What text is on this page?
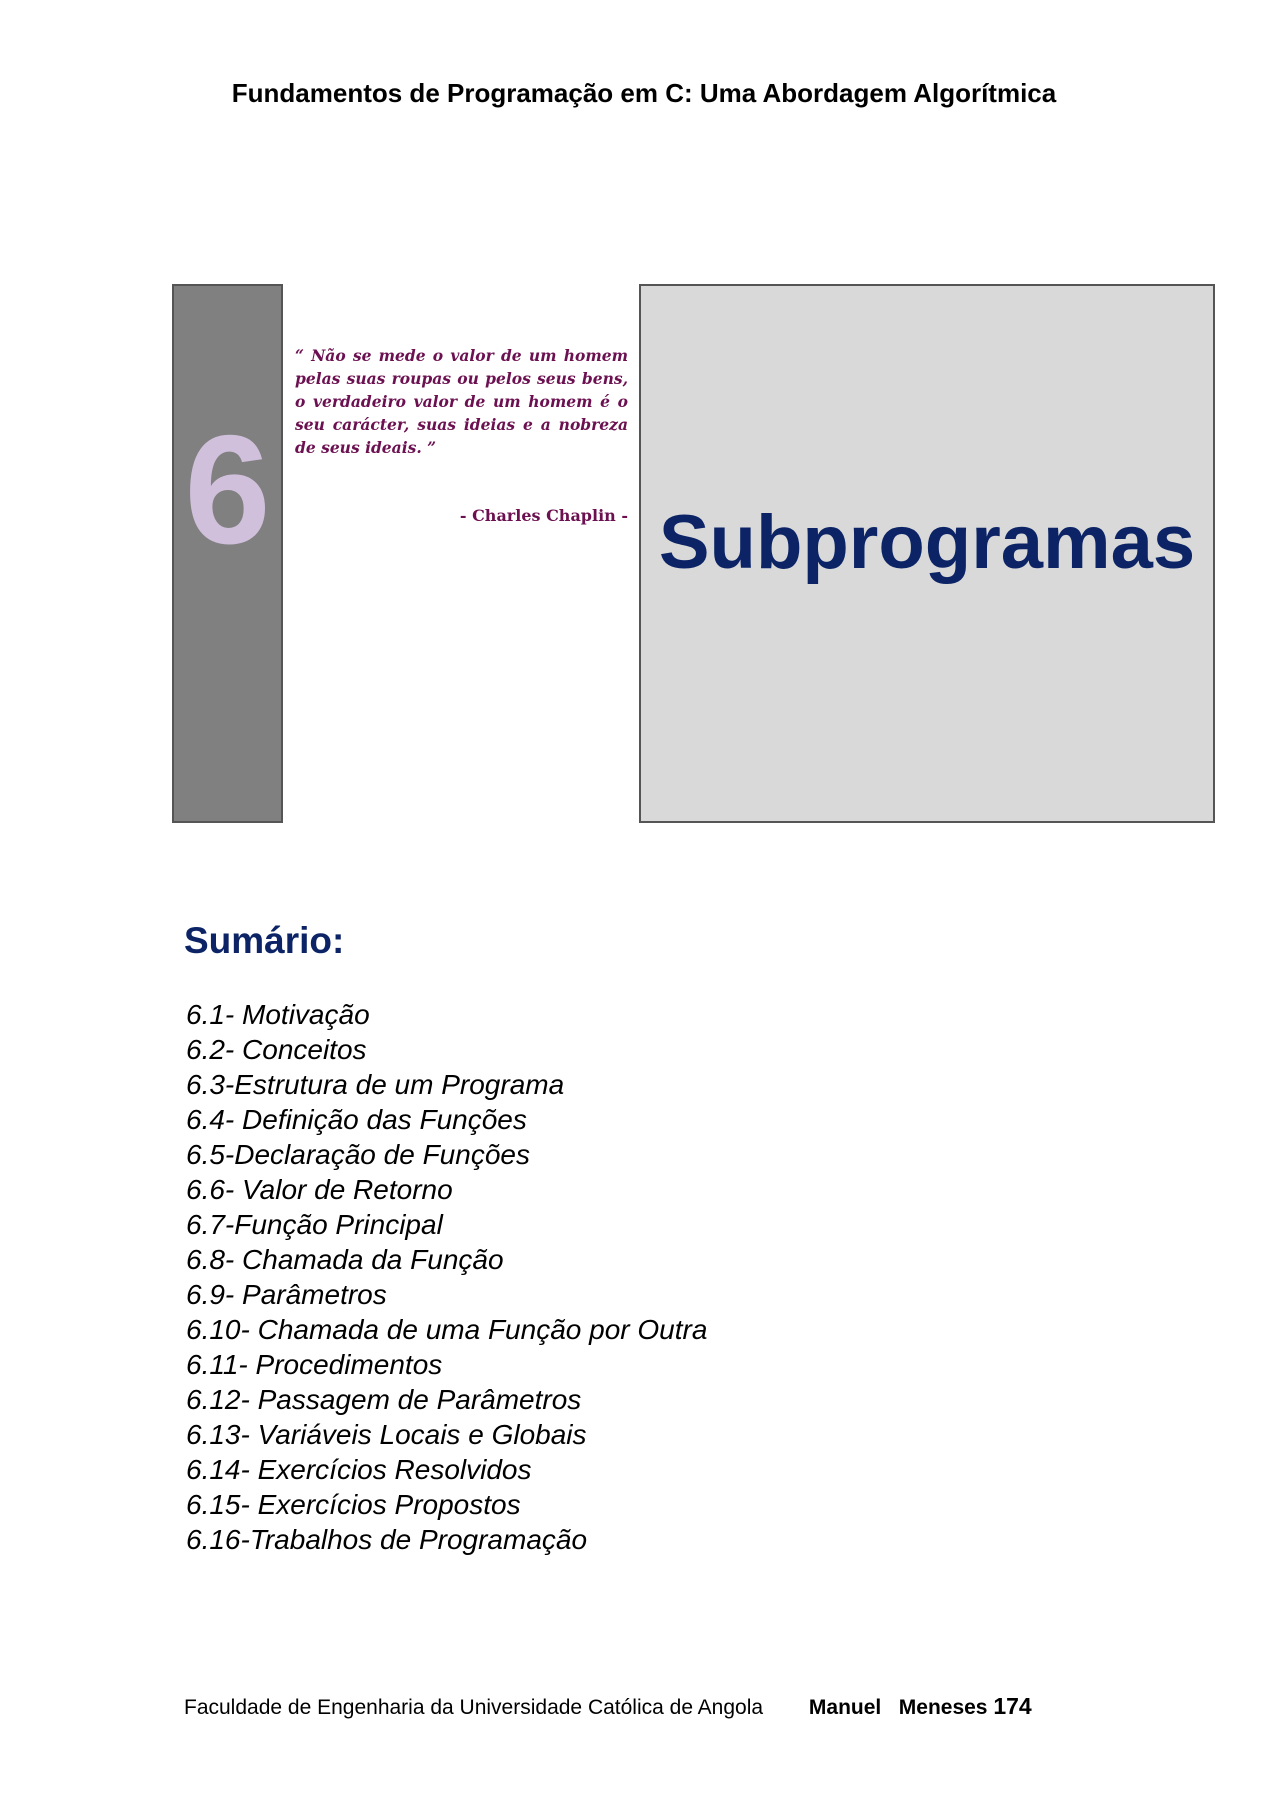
Fundamentos de Programação em C: Uma Abordagem Algorítmica
6
“ Não se mede o valor de um homem pelas suas roupas ou pelos seus bens, o verdadeiro valor de um homem é o seu carácter, suas ideias e a nobreza de seus ideais. ”
- Charles Chaplin - Subprogramas
Sumário:
6.1- Motivação
6.2- Conceitos
6.3-Estrutura de um Programa
6.4- Definição das Funções
6.5-Declaração de Funções
6.6- Valor de Retorno
6.7-Função Principal
6.8- Chamada da Função
6.9- Parâmetros
6.10- Chamada de uma Função por Outra
6.11- Procedimentos
6.12- Passagem de Parâmetros
6.13- Variáveis Locais e Globais
6.14- Exercícios Resolvidos
6.15- Exercícios Propostos
6.16-Trabalhos de Programação
Faculdade de Engenharia da Universidade Católica de Angola Manuel   Meneses 174
